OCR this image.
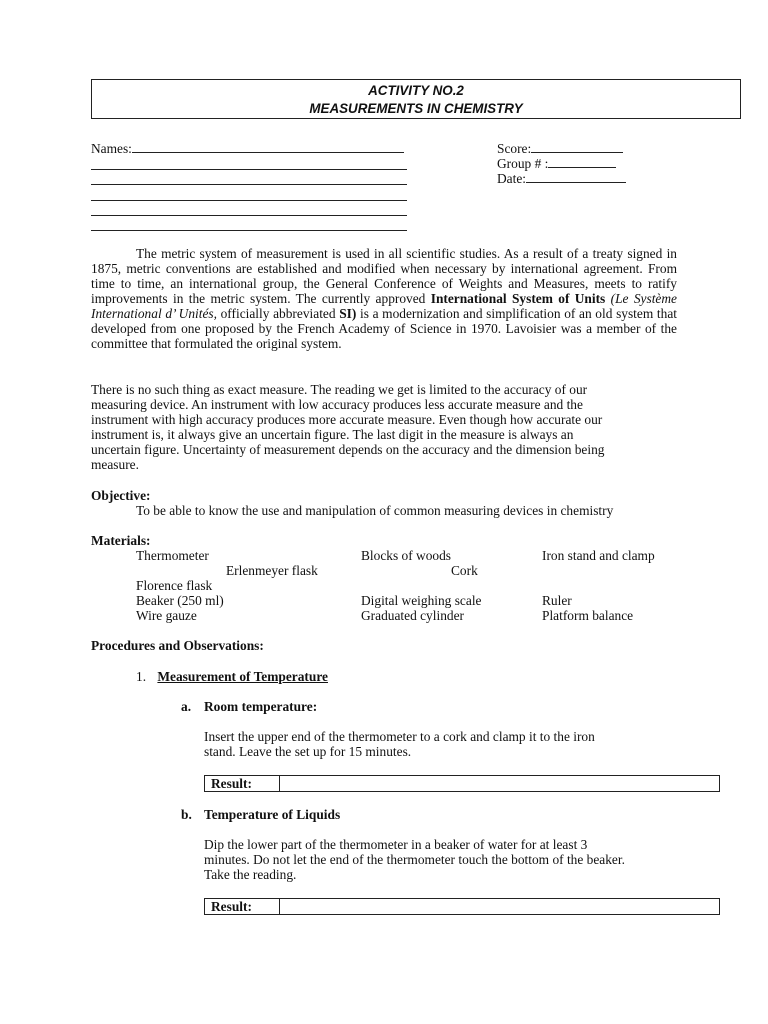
ACTIVITY NO.2
MEASUREMENTS IN CHEMISTRY
Names:	Score:
Group # :
Date:
The metric system of measurement is used in all scientific studies. As a result of a treaty signed in 1875, metric conventions are established and modified when necessary by international agreement. From time to time, an international group, the General Conference of Weights and Measures, meets to ratify improvements in the metric system. The currently approved International System of Units (Le Système International d’ Unités, officially abbreviated SI) is a modernization and simplification of an old system that developed from one proposed by the French Academy of Science in 1970. Lavoisier was a member of the committee that formulated the original system.
There is no such thing as exact measure. The reading we get is limited to the accuracy of our
measuring device. An instrument with low accuracy produces less accurate measure and the
instrument with high accuracy produces more accurate measure. Even though how accurate our
instrument is, it always give an uncertain figure. The last digit in the measure is always an
uncertain figure. Uncertainty of measurement depends on the accuracy and the dimension being
measure.
Objective:
To be able to know the use and manipulation of common measuring devices in chemistry
Materials:
Thermometer	Blocks of woods	Iron stand and clamp
Erlenmeyer flask	Cork
Florence flask
Beaker (250 ml)	Digital weighing scale	Ruler
Wire gauze	Graduated cylinder	Platform balance
Procedures and Observations:
1. Measurement of Temperature
a. Room temperature:
Insert the upper end of the thermometer to a cork and clamp it to the iron
stand. Leave the set up for 15 minutes.
Result:
b. Temperature of Liquids
Dip the lower part of the thermometer in a beaker of water for at least 3
minutes. Do not let the end of the thermometer touch the bottom of the beaker.
Take the reading.
Result:
